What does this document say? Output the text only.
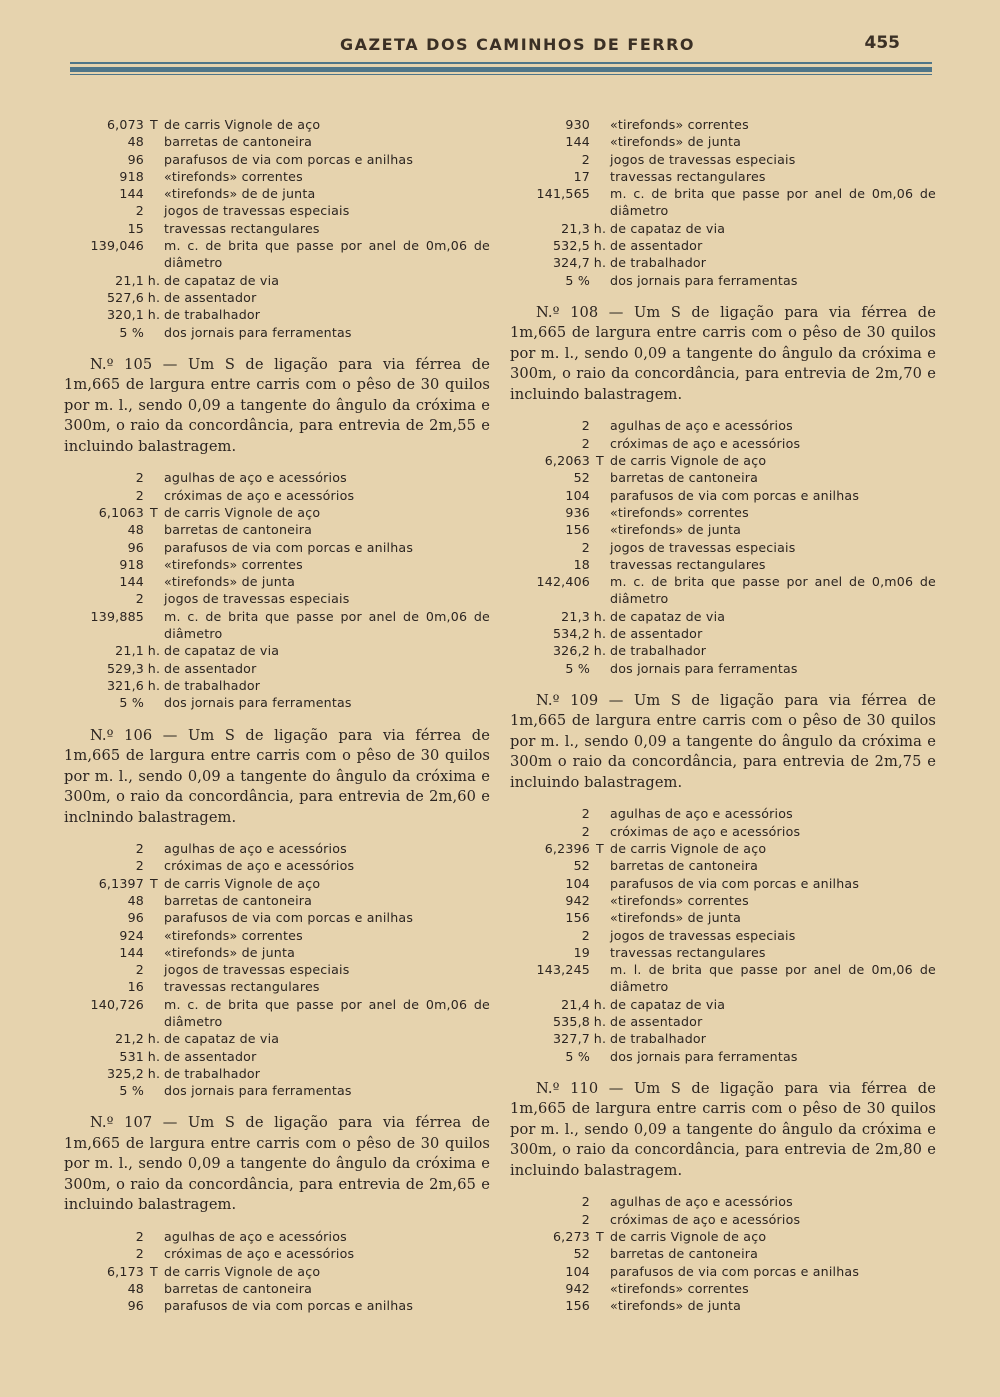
GAZETA DOS CAMINHOS DE FERRO	455
6,073 T de carris Vignole de aço
48 barretas de cantoneira
96 parafusos de via com porcas e anilhas
918 «tirefonds» correntes
144 «tirefonds» de de junta
2 jogos de travessas especiais
15 travessas rectangulares
139,046 m. c. de brita que passe por anel de 0m,06 de diâmetro
21,1 h. de capataz de via
527,6 h. de assentador
320,1 h. de trabalhador
5 % dos jornais para ferramentas

N.º 105 — Um S de ligação para via férrea de 1m,665 de largura entre carris com o pêso de 30 quilos por m. l., sendo 0,09 a tangente do ângulo da cróxima e 300m, o raio da concordância, para entrevia de 2m,55 e incluindo balastragem.

2 agulhas de aço e acessórios
2 cróximas de aço e acessórios
6,1063 T de carris Vignole de aço
48 barretas de cantoneira
96 parafusos de via com porcas e anilhas
918 «tirefonds» correntes
144 «tirefonds» de junta
2 jogos de travessas especiais
139,885 m. c. de brita que passe por anel de 0m,06 de diâmetro
21,1 h. de capataz de via
529,3 h. de assentador
321,6 h. de trabalhador
5 % dos jornais para ferramentas

N.º 106 — Um S de ligação para via férrea de 1m,665 de largura entre carris com o pêso de 30 quilos por m. l., sendo 0,09 a tangente do ângulo da cróxima e 300m, o raio da concordância, para entrevia de 2m,60 e inclnindo balastragem.

2 agulhas de aço e acessórios
2 cróximas de aço e acessórios
6,1397 T de carris Vignole de aço
48 barretas de cantoneira
96 parafusos de via com porcas e anilhas
924 «tirefonds» correntes
144 «tirefonds» de junta
2 jogos de travessas especiais
16 travessas rectangulares
140,726 m. c. de brita que passe por anel de 0m,06 de diâmetro
21,2 h. de capataz de via
531 h. de assentador
325,2 h. de trabalhador
5 % dos jornais para ferramentas

N.º 107 — Um S de ligação para via férrea de 1m,665 de largura entre carris com o pêso de 30 quilos por m. l., sendo 0,09 a tangente do ângulo da cróxima e 300m, o raio da concordância, para entrevia de 2m,65 e incluindo balastragem.

2 agulhas de aço e acessórios
2 cróximas de aço e acessórios
6,173 T de carris Vignole de aço
48 barretas de cantoneira
96 parafusos de via com porcas e anilhas
930 «tirefonds» correntes
144 «tirefonds» de junta
2 jogos de travessas especiais
17 travessas rectangulares
141,565 m. c. de brita que passe por anel de 0m,06 de diâmetro
21,3 h. de capataz de via
532,5 h. de assentador
324,7 h. de trabalhador
5 % dos jornais para ferramentas

N.º 108 — Um S de ligação para via férrea de 1m,665 de largura entre carris com o pêso de 30 quilos por m. l., sendo 0,09 a tangente do ângulo da cróxima e 300m, o raio da concordância, para entrevia de 2m,70 e incluindo balastragem.

2 agulhas de aço e acessórios
2 cróximas de aço e acessórios
6,2063 T de carris Vignole de aço
52 barretas de cantoneira
104 parafusos de via com porcas e anilhas
936 «tirefonds» correntes
156 «tirefonds» de junta
2 jogos de travessas especiais
18 travessas rectangulares
142,406 m. c. de brita que passe por anel de 0,m06 de diâmetro
21,3 h. de capataz de via
534,2 h. de assentador
326,2 h. de trabalhador
5 % dos jornais para ferramentas

N.º 109 — Um S de ligação para via férrea de 1m,665 de largura entre carris com o pêso de 30 quilos por m. l., sendo 0,09 a tangente do ângulo da cróxima e 300m o raio da concordância, para entrevia de 2m,75 e incluindo balastragem.

2 agulhas de aço e acessórios
2 cróximas de aço e acessórios
6,2396 T de carris Vignole de aço
52 barretas de cantoneira
104 parafusos de via com porcas e anilhas
942 «tirefonds» correntes
156 «tirefonds» de junta
2 jogos de travessas especiais
19 travessas rectangulares
143,245 m. l. de brita que passe por anel de 0m,06 de diâmetro
21,4 h. de capataz de via
535,8 h. de assentador
327,7 h. de trabalhador
5 % dos jornais para ferramentas

N.º 110 — Um S de ligação para via férrea de 1m,665 de largura entre carris com o pêso de 30 quilos por m. l., sendo 0,09 a tangente do ângulo da cróxima e 300m, o raio da concordância, para entrevia de 2m,80 e incluindo balastragem.

2 agulhas de aço e acessórios
2 cróximas de aço e acessórios
6,273 T de carris Vignole de aço
52 barretas de cantoneira
104 parafusos de via com porcas e anilhas
942 «tirefonds» correntes
156 «tirefonds» de junta
